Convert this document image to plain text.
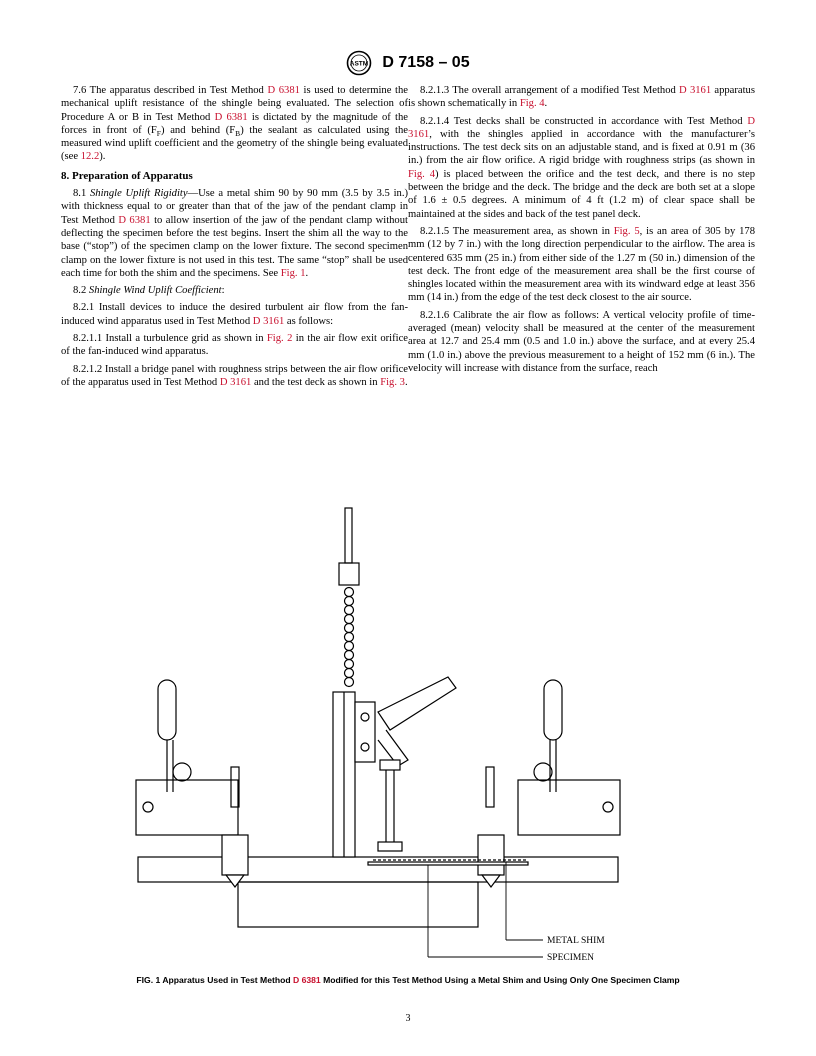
ASTM D 7158 – 05

7.6 The apparatus described in Test Method D 6381 is used to determine the mechanical uplift resistance of the shingle being evaluated. The selection of Procedure A or B in Test Method D 6381 is dictated by the magnitude of the forces in front of $(F_F)$ and behind $(F_B)$ the sealant as calculated using the measured wind uplift coefficient and the geometry of the shingle being evaluated (see 12.2).

8. Preparation of Apparatus

8.1 Shingle Uplift Rigidity—Use a metal shim 90 by 90 mm (3.5 by 3.5 in.) with thickness equal to or greater than that of the jaw of the pendant clamp in Test Method D 6381 to allow insertion of the jaw of the pendant clamp without deflecting the specimen before the test begins. Insert the shim all the way to the base (“stop”) of the specimen clamp on the lower fixture. The second specimen clamp on the lower fixture is not used in this test. The same “stop” shall be used each time for both the shim and the specimens. See Fig. 1.

8.2 Shingle Wind Uplift Coefficient:

8.2.1 Install devices to induce the desired turbulent air flow from the fan-induced wind apparatus used in Test Method D 3161 as follows:

8.2.1.1 Install a turbulence grid as shown in Fig. 2 in the air flow exit orifice of the fan-induced wind apparatus.

8.2.1.2 Install a bridge panel with roughness strips between the air flow orifice of the apparatus used in Test Method D 3161 and the test deck as shown in Fig. 3.

8.2.1.3 The overall arrangement of a modified Test Method D 3161 apparatus is shown schematically in Fig. 4.

8.2.1.4 Test decks shall be constructed in accordance with Test Method D 3161, with the shingles applied in accordance with the manufacturer’s instructions. The test deck sits on an adjustable stand, and is fixed at 0.91 m (36 in.) from the air flow orifice. A rigid bridge with roughness strips (as shown in Fig. 4) is placed between the orifice and the test deck, and there is no step between the bridge and the deck. The bridge and the deck are both set at a slope of 1.6 ± 0.5 degrees. A minimum of 4 ft (1.2 m) of clear space shall be maintained at the sides and back of the test panel deck.

8.2.1.5 The measurement area, as shown in Fig. 5, is an area of 305 by 178 mm (12 by 7 in.) with the long direction perpendicular to the airflow. The area is centered 635 mm (25 in.) from either side of the 1.27 m (50 in.) dimension of the test deck. The front edge of the measurement area shall be the first course of shingles located within the measurement area with its windward edge at least 356 mm (14 in.) from the edge of the test deck closest to the air source.

8.2.1.6 Calibrate the air flow as follows: A vertical velocity profile of time-averaged (mean) velocity shall be measured at the center of the measurement area at 12.7 and 25.4 mm (0.5 and 1.0 in.) above the surface, and at every 25.4 mm (1.0 in.) above the previous measurement to a height of 152 mm (6 in.). The velocity will increase with distance from the surface, reach

METAL SHIM
SPECIMEN
FIG. 1 Apparatus Used in Test Method D 6381 Modified for this Test Method Using a Metal Shim and Using Only One Specimen Clamp
3
